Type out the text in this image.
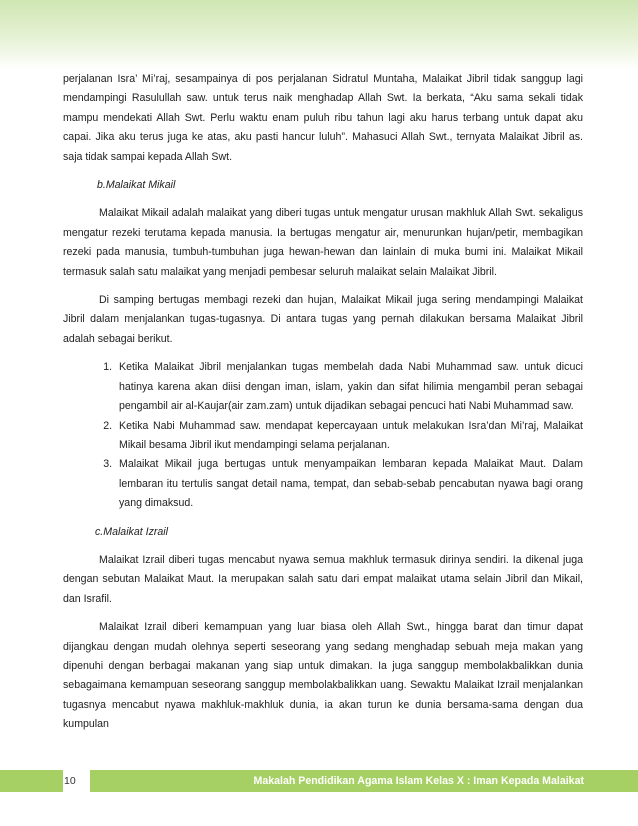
perjalanan Isra’ Mi’raj, sesampainya di pos perjalanan Sidratul Muntaha, Malaikat Jibril tidak sanggup lagi mendampingi Rasulullah saw. untuk terus naik menghadap Allah Swt. Ia berkata, “Aku sama sekali tidak mampu mendekati Allah Swt. Perlu waktu enam puluh ribu tahun lagi aku harus terbang untuk dapat aku capai. Jika aku terus juga ke atas, aku pasti hancur luluh”. Mahasuci Allah Swt., ternyata Malaikat Jibril as. saja tidak sampai kepada Allah Swt.

b.Malaikat Mikail

Malaikat Mikail adalah malaikat yang diberi tugas untuk mengatur urusan makhluk Allah Swt. sekaligus mengatur rezeki terutama kepada manusia. Ia bertugas mengatur air, menurunkan hujan/petir, membagikan rezeki pada manusia, tumbuh-tumbuhan juga hewan-hewan dan lainlain di muka bumi ini. Malaikat Mikail termasuk salah satu malaikat yang menjadi pembesar seluruh malaikat selain Malaikat Jibril.

Di samping bertugas membagi rezeki dan hujan, Malaikat Mikail juga sering mendampingi Malaikat Jibril dalam menjalankan tugas-tugasnya. Di antara tugas yang pernah dilakukan bersama Malaikat Jibril adalah sebagai berikut.

1. Ketika Malaikat Jibril menjalankan tugas membelah dada Nabi Muhammad saw. untuk dicuci hatinya karena akan diisi dengan iman, islam, yakin dan sifat hilimia mengambil peran sebagai pengambil air al-Kaujar(air zam.zam) untuk dijadikan sebagai pencuci hati Nabi Muhammad saw.
2. Ketika Nabi Muhammad saw. mendapat kepercayaan untuk melakukan Isra’dan Mi’raj, Malaikat Mikail besama Jibril ikut mendampingi selama perjalanan.
3. Malaikat Mikail juga bertugas untuk menyampaikan lembaran kepada Malaikat Maut. Dalam lembaran itu tertulis sangat detail nama, tempat, dan sebab-sebab pencabutan nyawa bagi orang yang dimaksud.
c.Malaikat Izrail

Malaikat Izrail diberi tugas mencabut nyawa semua makhluk termasuk dirinya sendiri. Ia dikenal juga dengan sebutan Malaikat Maut. Ia merupakan salah satu dari empat malaikat utama selain Jibril dan Mikail, dan Israfil.

Malaikat Izrail diberi kemampuan yang luar biasa oleh Allah Swt., hingga barat dan timur dapat dijangkau dengan mudah olehnya seperti seseorang yang sedang menghadap sebuah meja makan yang dipenuhi dengan berbagai makanan yang siap untuk dimakan. Ia juga sanggup membolakbalikkan dunia sebagaimana kemampuan seseorang sanggup membolakbalikkan uang. Sewaktu Malaikat Izrail menjalankan tugasnya mencabut nyawa makhluk-makhluk dunia, ia akan turun ke dunia bersama-sama dengan dua kumpulan

10	Makalah Pendidikan Agama Islam Kelas X : Iman Kepada Malaikat
